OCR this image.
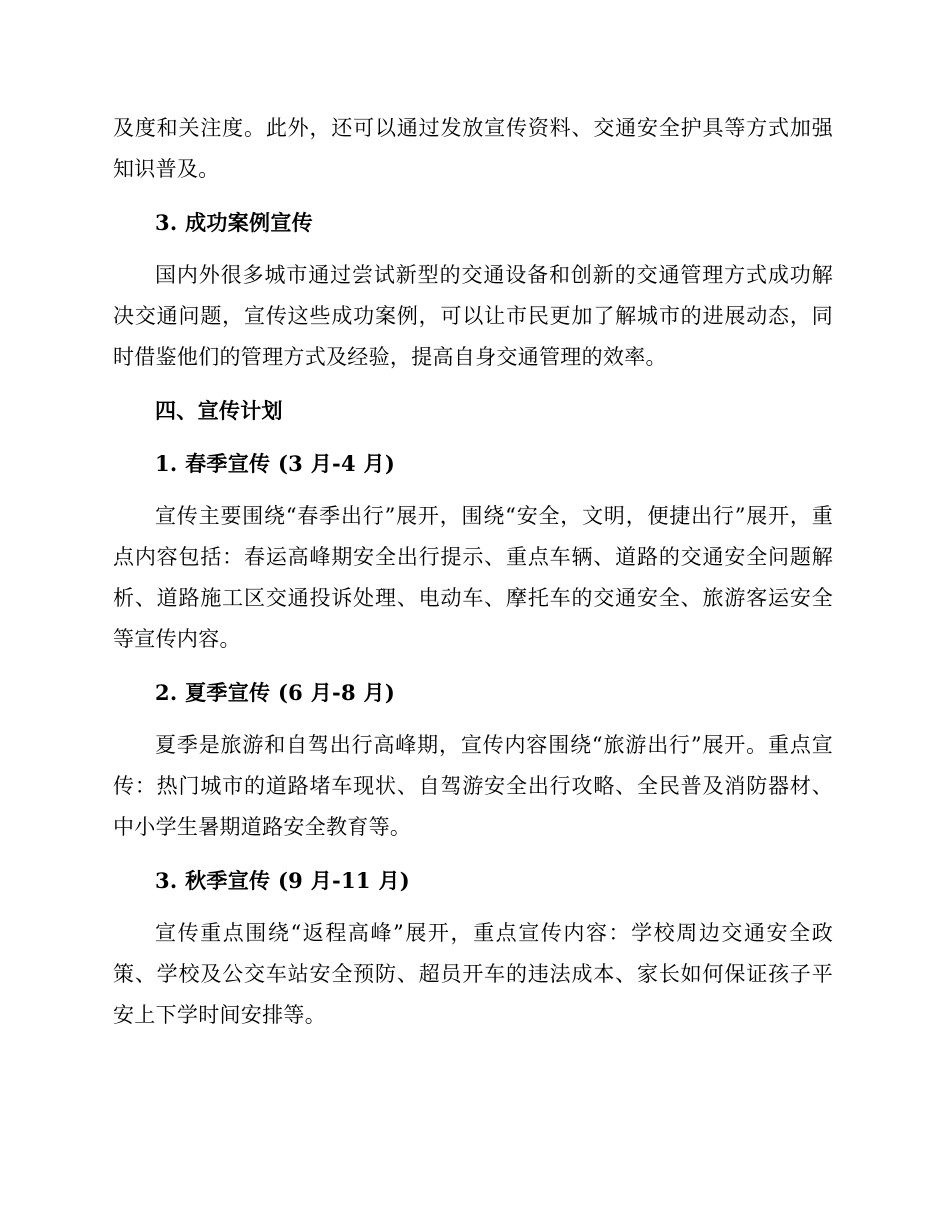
及度和关注度。此外，还可以通过发放宣传资料、交通安全护具等方式加强知识普及。

3. 成功案例宣传

国内外很多城市通过尝试新型的交通设备和创新的交通管理方式成功解决交通问题，宣传这些成功案例，可以让市民更加了解城市的进展动态，同时借鉴他们的管理方式及经验，提高自身交通管理的效率。

四、宣传计划

1. 春季宣传 (3 月-4 月)

宣传主要围绕“春季出行”展开，围绕“安全，文明，便捷出行”展开，重点内容包括：春运高峰期安全出行提示、重点车辆、道路的交通安全问题解析、道路施工区交通投诉处理、电动车、摩托车的交通安全、旅游客运安全等宣传内容。

2. 夏季宣传 (6 月-8 月)

夏季是旅游和自驾出行高峰期，宣传内容围绕“旅游出行”展开。重点宣传：热门城市的道路堵车现状、自驾游安全出行攻略、全民普及消防器材、中小学生暑期道路安全教育等。

3. 秋季宣传 (9 月-11 月)

宣传重点围绕“返程高峰”展开，重点宣传内容：学校周边交通安全政策、学校及公交车站安全预防、超员开车的违法成本、家长如何保证孩子平安上下学时间安排等。
